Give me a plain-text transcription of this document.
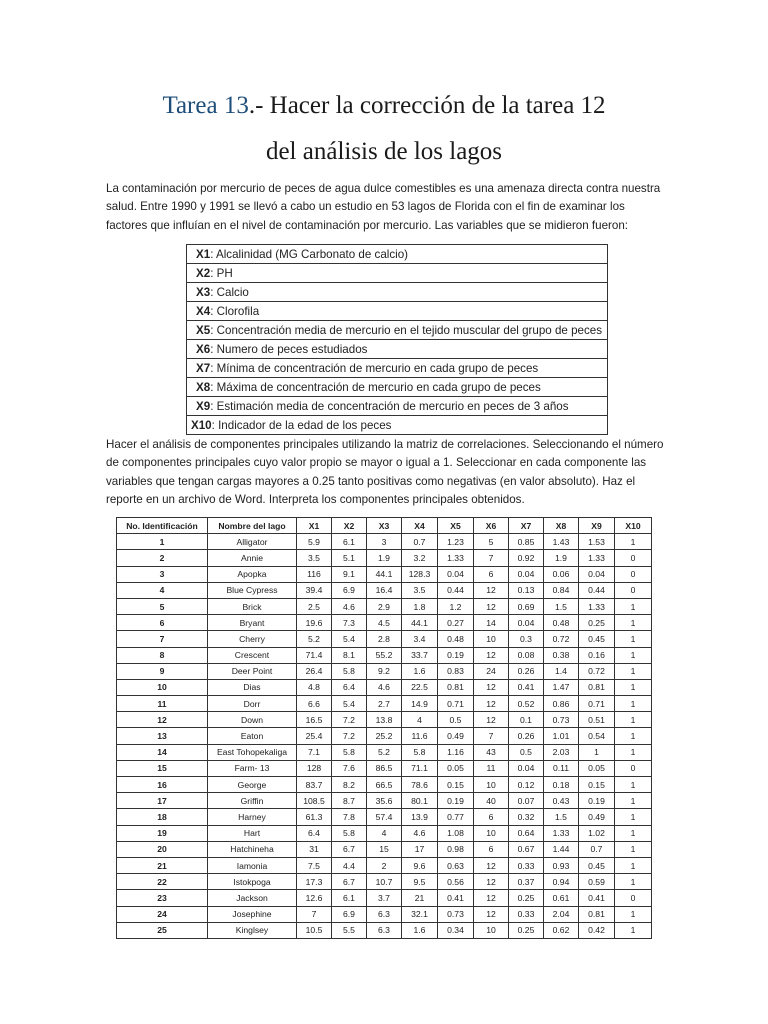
Tarea 13.- Hacer la corrección de la tarea 12
del análisis de los lagos
La contaminación por mercurio de peces de agua dulce comestibles es una amenaza directa contra nuestra salud. Entre 1990 y 1991 se llevó a cabo un estudio en 53 lagos de Florida con el fin de examinar los factores que influían en el nivel de contaminación por mercurio. Las variables que se midieron fueron:
X1: Alcalinidad (MG Carbonato de calcio)
X2: PH
X3: Calcio
X4: Clorofila
X5: Concentración media de mercurio en el tejido muscular del grupo de peces
X6: Numero de peces estudiados
X7: Mínima de concentración de mercurio en cada grupo de peces
X8: Máxima de concentración de mercurio en cada grupo de peces
X9: Estimación media de concentración de mercurio en peces de 3 años
X10: Indicador de la edad de los peces
Hacer el análisis de componentes principales utilizando la matriz de correlaciones. Seleccionando el número de componentes principales cuyo valor propio se mayor o igual a 1. Seleccionar en cada componente las variables que tengan cargas mayores a 0.25 tanto positivas como negativas (en valor absoluto). Haz el reporte en un archivo de Word. Interpreta los componentes principales obtenidos.
No. Identificación	Nombre del lago	X1	X2	X3	X4	X5	X6	X7	X8	X9	X10
1	Alligator	5.9	6.1	3	0.7	1.23	5	0.85	1.43	1.53	1
2	Annie	3.5	5.1	1.9	3.2	1.33	7	0.92	1.9	1.33	0
3	Apopka	116	9.1	44.1	128.3	0.04	6	0.04	0.06	0.04	0
4	Blue Cypress	39.4	6.9	16.4	3.5	0.44	12	0.13	0.84	0.44	0
5	Brick	2.5	4.6	2.9	1.8	1.2	12	0.69	1.5	1.33	1
6	Bryant	19.6	7.3	4.5	44.1	0.27	14	0.04	0.48	0.25	1
7	Cherry	5.2	5.4	2.8	3.4	0.48	10	0.3	0.72	0.45	1
8	Crescent	71.4	8.1	55.2	33.7	0.19	12	0.08	0.38	0.16	1
9	Deer Point	26.4	5.8	9.2	1.6	0.83	24	0.26	1.4	0.72	1
10	Dias	4.8	6.4	4.6	22.5	0.81	12	0.41	1.47	0.81	1
11	Dorr	6.6	5.4	2.7	14.9	0.71	12	0.52	0.86	0.71	1
12	Down	16.5	7.2	13.8	4	0.5	12	0.1	0.73	0.51	1
13	Eaton	25.4	7.2	25.2	11.6	0.49	7	0.26	1.01	0.54	1
14	East Tohopekaliga	7.1	5.8	5.2	5.8	1.16	43	0.5	2.03	1	1
15	Farm- 13	128	7.6	86.5	71.1	0.05	11	0.04	0.11	0.05	0
16	George	83.7	8.2	66.5	78.6	0.15	10	0.12	0.18	0.15	1
17	Griffin	108.5	8.7	35.6	80.1	0.19	40	0.07	0.43	0.19	1
18	Harney	61.3	7.8	57.4	13.9	0.77	6	0.32	1.5	0.49	1
19	Hart	6.4	5.8	4	4.6	1.08	10	0.64	1.33	1.02	1
20	Hatchineha	31	6.7	15	17	0.98	6	0.67	1.44	0.7	1
21	Iamonia	7.5	4.4	2	9.6	0.63	12	0.33	0.93	0.45	1
22	Istokpoga	17.3	6.7	10.7	9.5	0.56	12	0.37	0.94	0.59	1
23	Jackson	12.6	6.1	3.7	21	0.41	12	0.25	0.61	0.41	0
24	Josephine	7	6.9	6.3	32.1	0.73	12	0.33	2.04	0.81	1
25	Kinglsey	10.5	5.5	6.3	1.6	0.34	10	0.25	0.62	0.42	1
